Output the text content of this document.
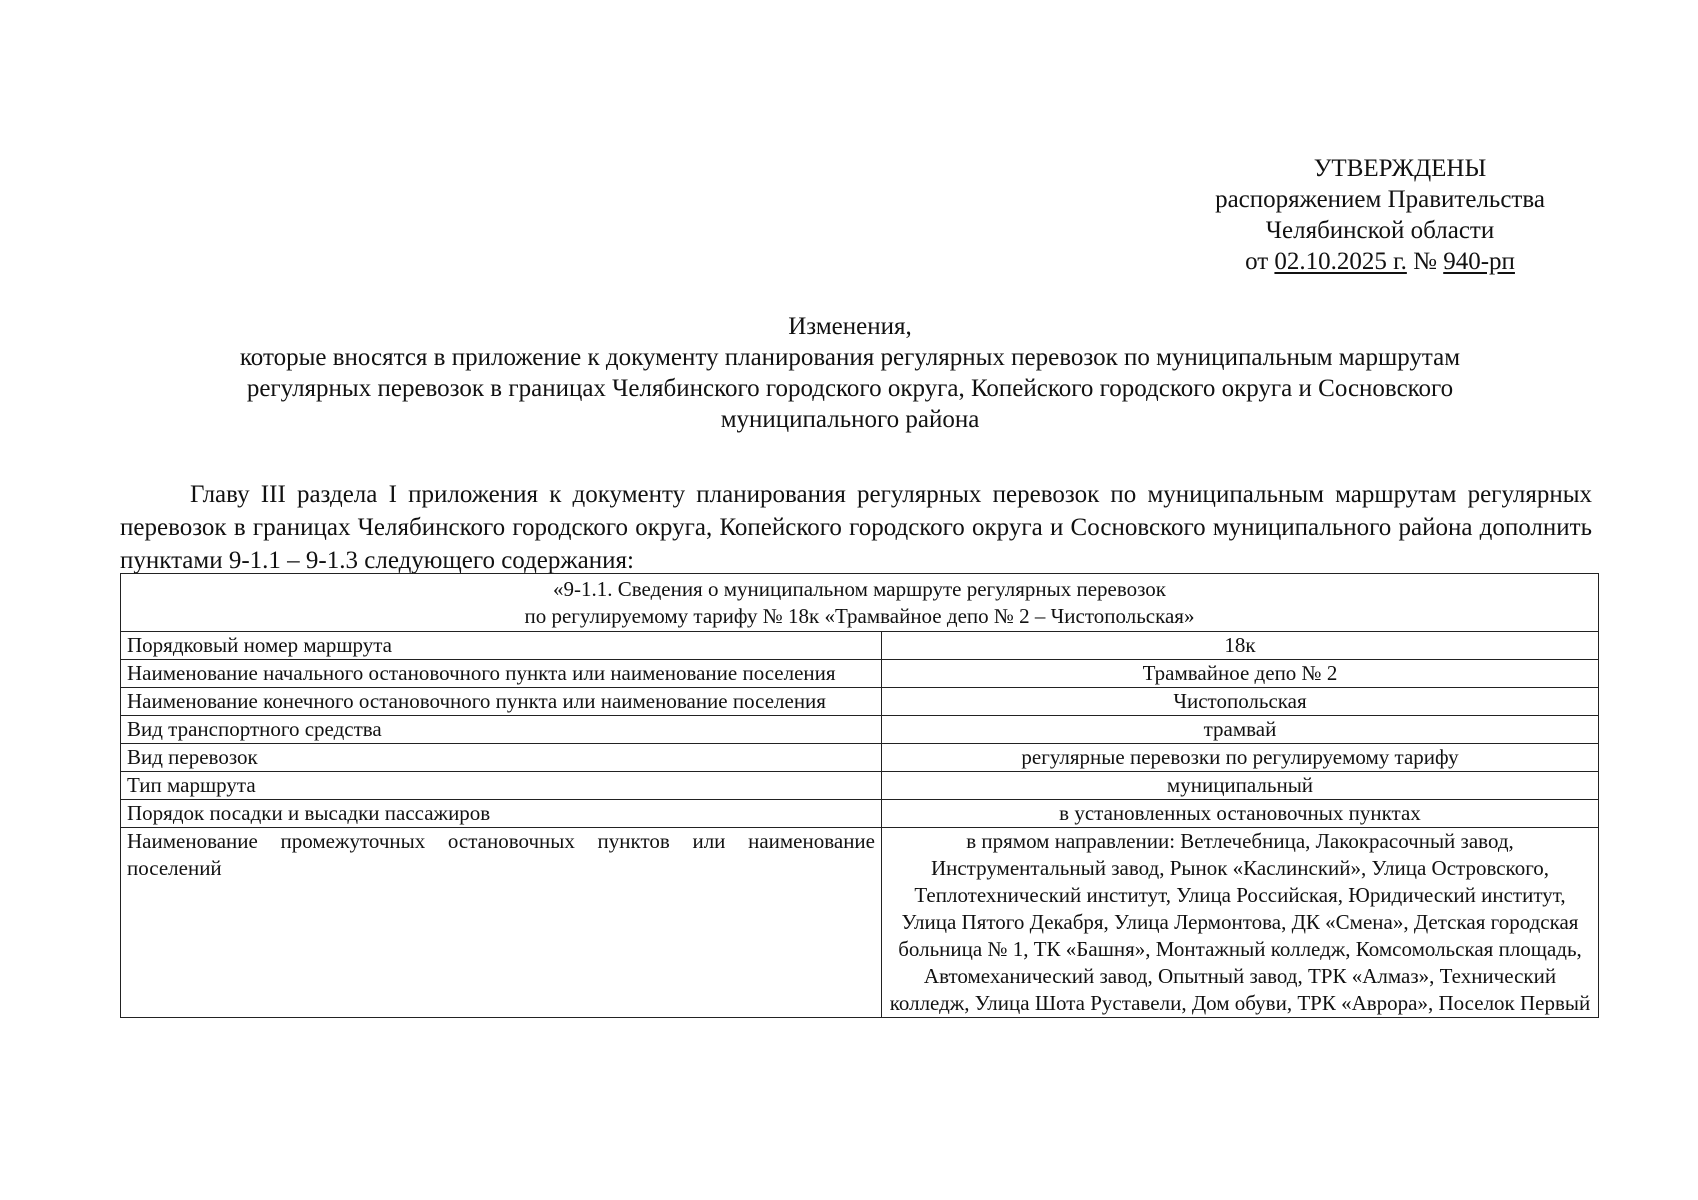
УТВЕРЖДЕНЫ
распоряжением Правительства
Челябинской области
от 02.10.2025 г. № 940-рп
Изменения,
которые вносятся в приложение к документу планирования регулярных перевозок по муниципальным маршрутам
регулярных перевозок в границах Челябинского городского округа, Копейского городского округа и Сосновского
муниципального района
Главу III раздела I приложения к документу планирования регулярных перевозок по муниципальным маршрутам регулярных перевозок в границах Челябинского городского округа, Копейского городского округа и Сосновского муниципального района дополнить пунктами 9-1.1 – 9-1.3 следующего содержания:
«9-1.1. Сведения о муниципальном маршруте регулярных перевозок
по регулируемому тарифу № 18к «Трамвайное депо № 2 – Чистопольская»	

Порядковый номер маршрута	18к
Наименование начального остановочного пункта или наименование поселения	Трамвайное депо № 2
Наименование конечного остановочного пункта или наименование поселения	Чистопольская
Вид транспортного средства	трамвай
Вид перевозок	регулярные перевозки по регулируемому тарифу
Тип маршрута	муниципальный
Порядок посадки и высадки пассажиров	в установленных остановочных пунктах
Наименование промежуточных остановочных пунктов или наименование поселений	в прямом направлении: Ветлечебница, Лакокрасочный завод, Инструментальный завод, Рынок «Каслинский», Улица Островского, Теплотехнический институт, Улица Российская, Юридический институт, Улица Пятого Декабря, Улица Лермонтова, ДК «Смена», Детская городская больница № 1, ТК «Башня», Монтажный колледж, Комсомольская площадь, Автомеханический завод, Опытный завод, ТРК «Алмаз», Технический колледж, Улица Шота Руставели, Дом обуви, ТРК «Аврора», Поселок Первый
